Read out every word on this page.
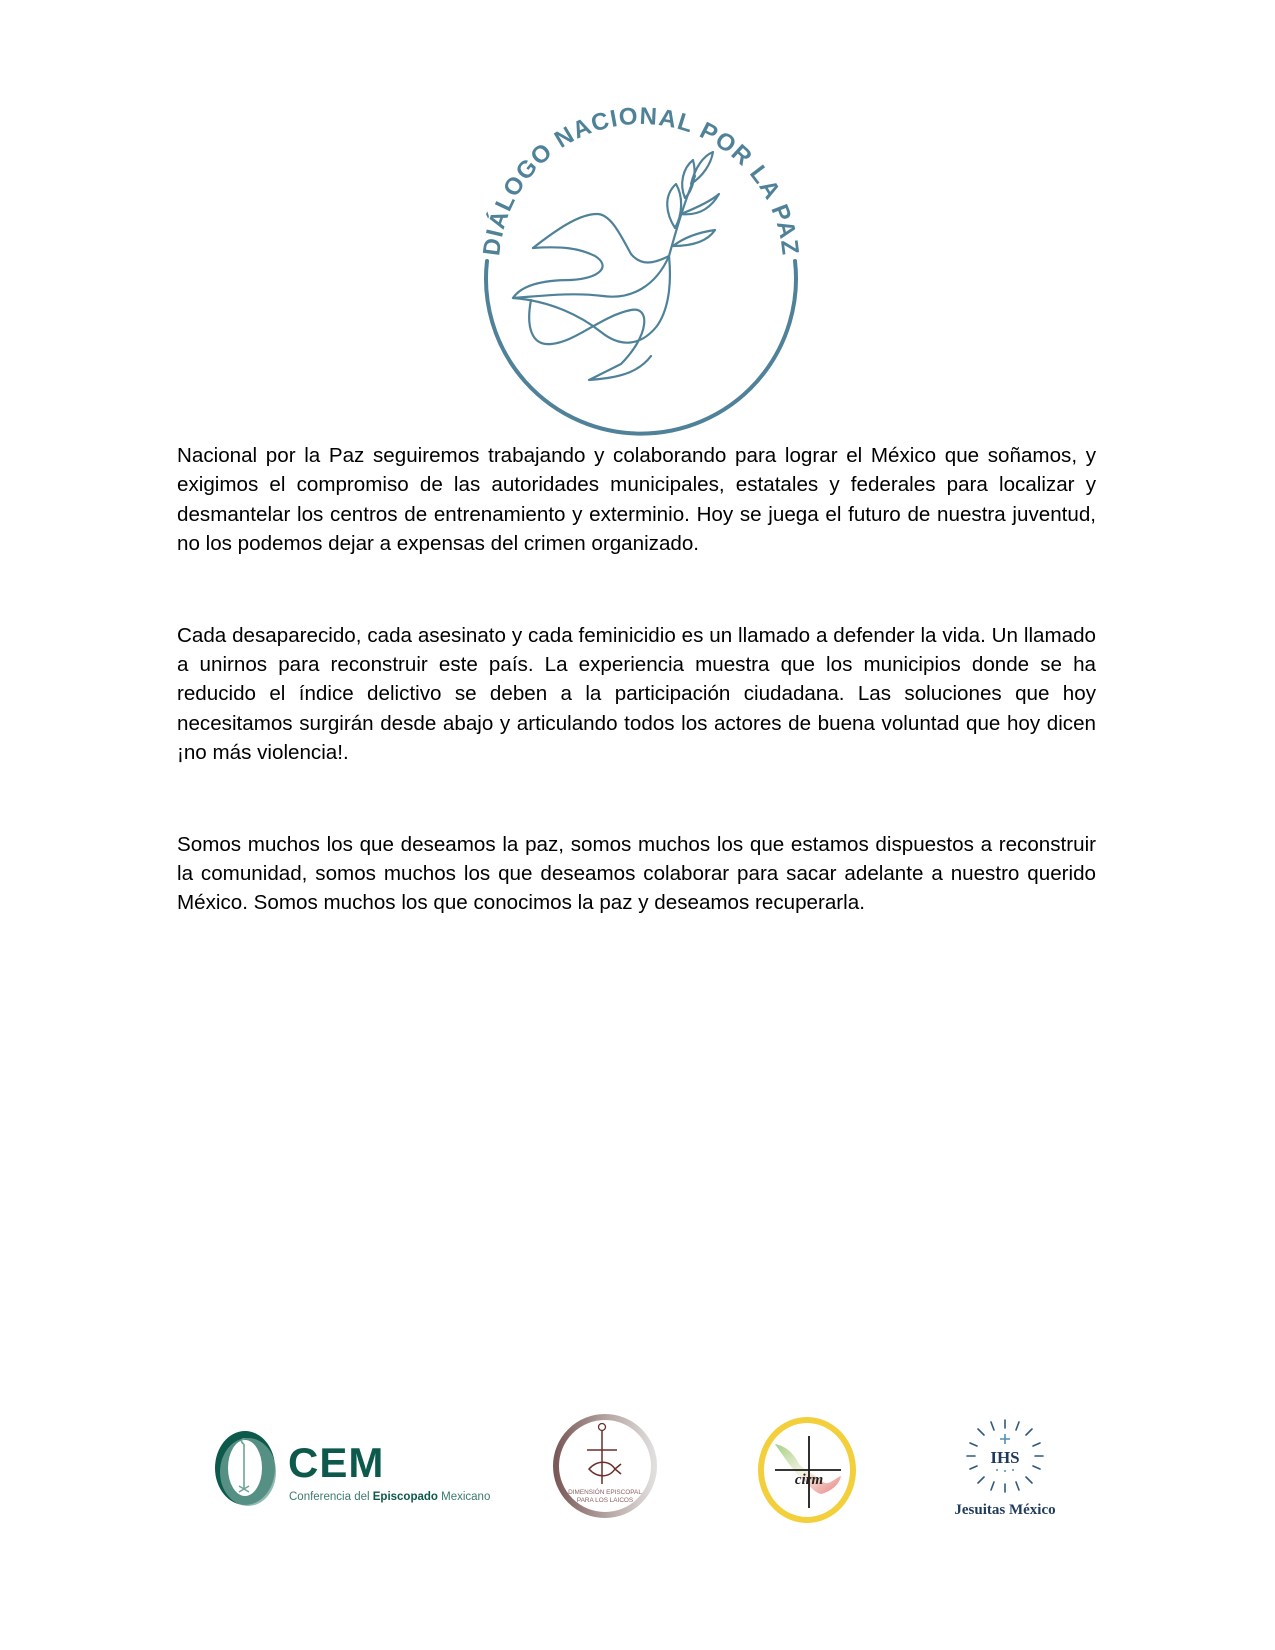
DIÁLOGO NACIONAL POR LA PAZ

Nacional por la Paz seguiremos trabajando y colaborando para lograr el México que soñamos, y exigimos el compromiso de las autoridades municipales, estatales y federales para localizar y desmantelar los centros de entrenamiento y exterminio. Hoy se juega el futuro de nuestra juventud, no los podemos dejar a expensas del crimen organizado.

Cada desaparecido, cada asesinato y cada feminicidio es un llamado a defender la vida. Un llamado a unirnos para reconstruir este país. La experiencia muestra que los municipios donde se ha reducido el índice delictivo se deben a la participación ciudadana. Las soluciones que hoy necesitamos surgirán desde abajo y articulando todos los actores de buena voluntad que hoy dicen ¡no más violencia!.

Somos muchos los que deseamos la paz, somos muchos los que estamos dispuestos a reconstruir la comunidad, somos muchos los que deseamos colaborar para sacar adelante a nuestro querido México. Somos muchos los que conocimos la paz y deseamos recuperarla.

CEM
Conferencia del Episcopado Mexicano	DIMENSIÓN EPISCOPAL
PARA LOS LAICOS
cirm
IHS
Jesuitas México
